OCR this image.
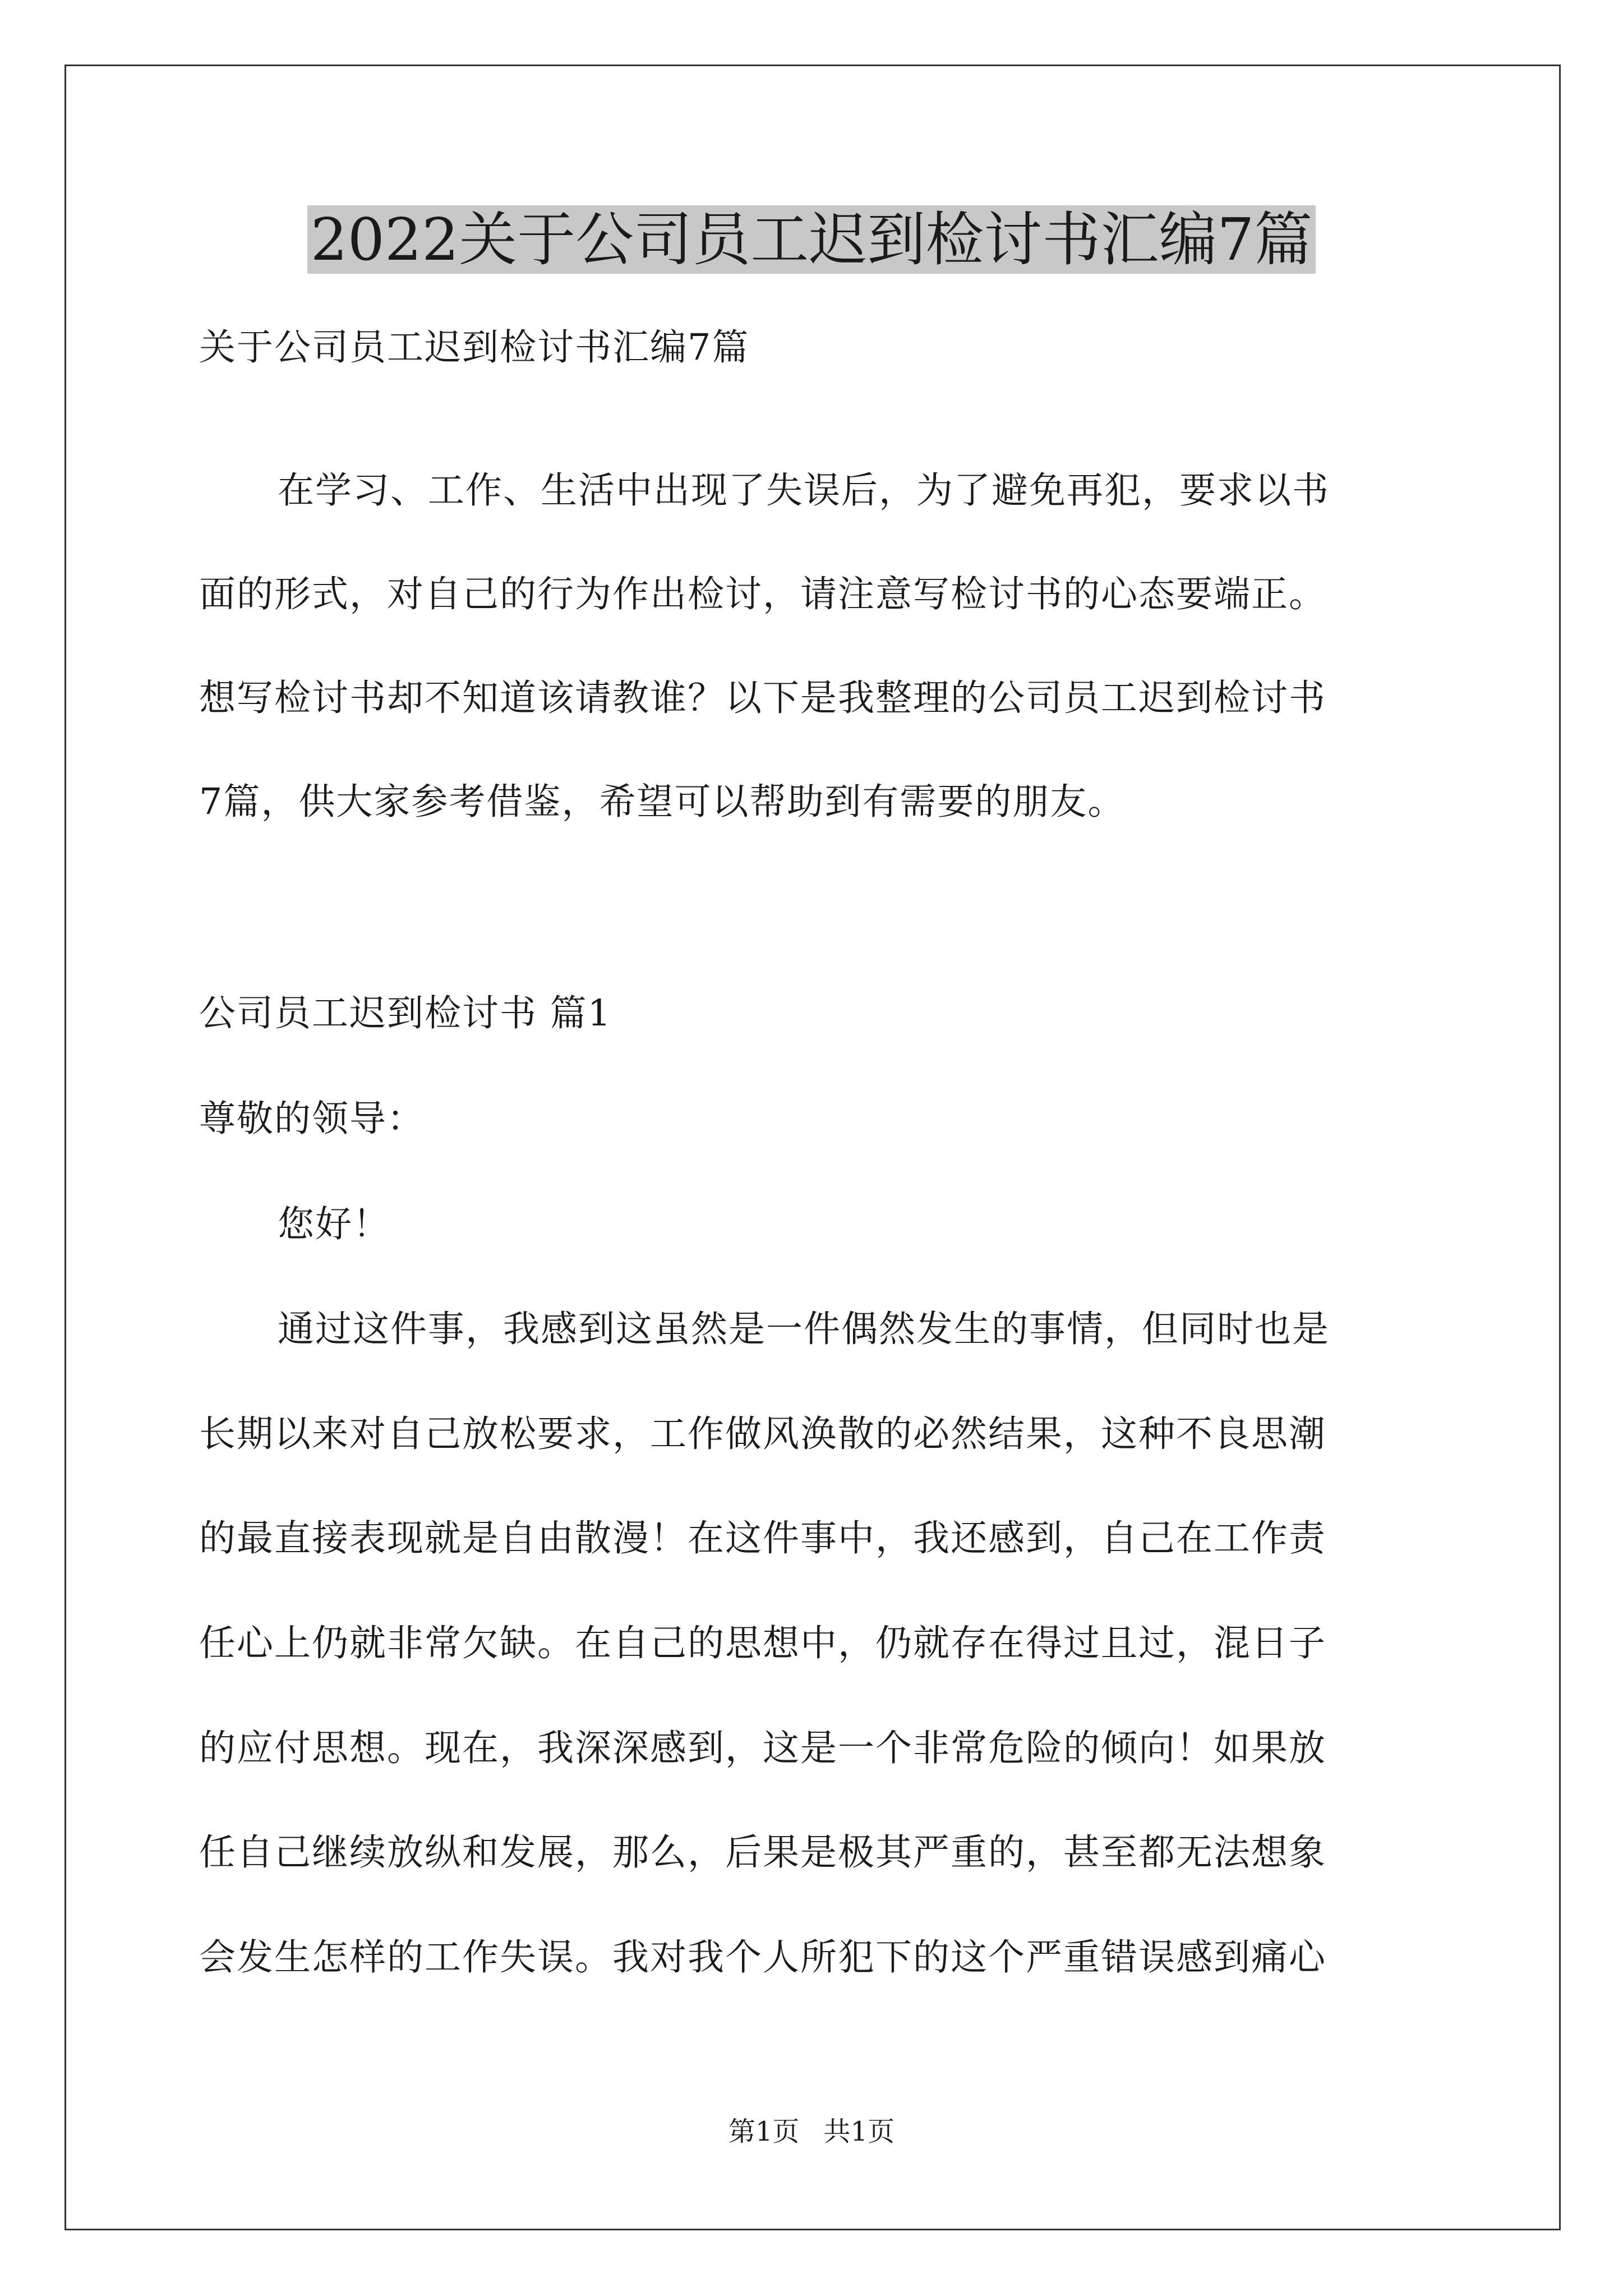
2022关于公司员工迟到检讨书汇编7篇
关于公司员工迟到检讨书汇编7篇
在学习、工作、生活中出现了失误后，为了避免再犯，要求以书
面的形式，对自己的行为作出检讨，请注意写检讨书的心态要端正。
想写检讨书却不知道该请教谁？以下是我整理的公司员工迟到检讨书
7篇，供大家参考借鉴，希望可以帮助到有需要的朋友。
公司员工迟到检讨书 篇1
尊敬的领导：
您好！
通过这件事，我感到这虽然是一件偶然发生的事情，但同时也是
长期以来对自己放松要求，工作做风涣散的必然结果，这种不良思潮
的最直接表现就是自由散漫！在这件事中，我还感到，自己在工作责
任心上仍就非常欠缺。在自己的思想中，仍就存在得过且过，混日子
的应付思想。现在，我深深感到，这是一个非常危险的倾向！如果放
任自己继续放纵和发展，那么，后果是极其严重的，甚至都无法想象
会发生怎样的工作失误。我对我个人所犯下的这个严重错误感到痛心
第1页 共1页
